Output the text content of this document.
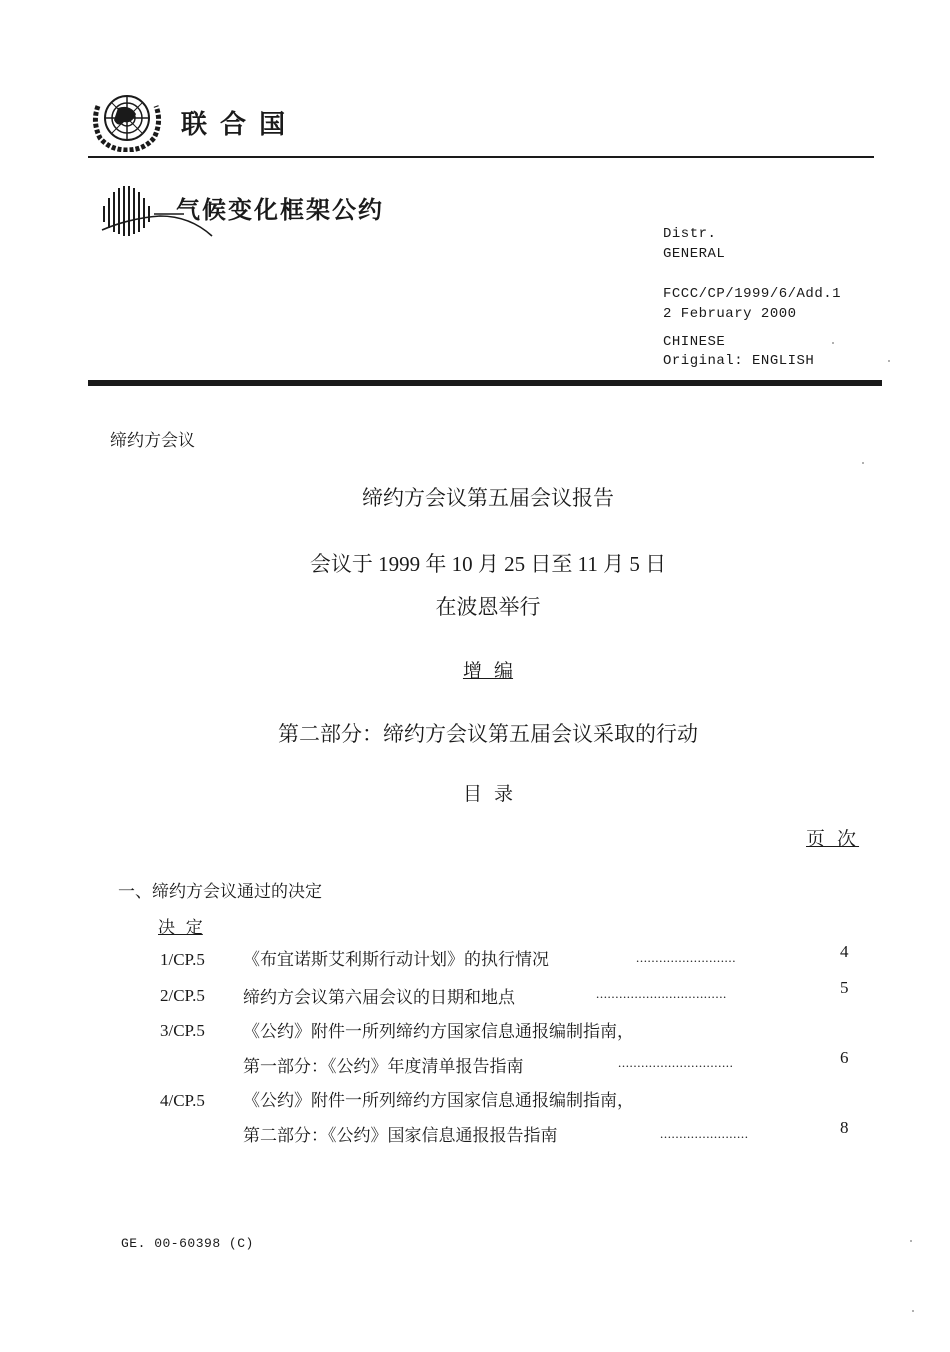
联 合 国
气候变化框架公约
Distr.
GENERAL
FCCC/CP/1999/6/Add.1
2 February 2000
CHINESE
Original: ENGLISH
缔约方会议
缔约方会议第五届会议报告
会议于 1999 年 10 月 25 日至 11 月 5 日
在波恩举行
增  编
第二部分：缔约方会议第五届会议采取的行动
目  录
页 次
一、缔约方会议通过的决定
决  定
1/CP.5 《布宜诺斯艾利斯行动计划》的执行情况	..........................	4
2/CP.5 缔约方会议第六届会议的日期和地点	..................................	5
3/CP.5 《公约》附件一所列缔约方国家信息通报编制指南，
第一部分：《公约》年度清单报告指南	..............................	6
4/CP.5 《公约》附件一所列缔约方国家信息通报编制指南，
第二部分：《公约》国家信息通报报告指南	.......................	8
GE. 00-60398 (C)
